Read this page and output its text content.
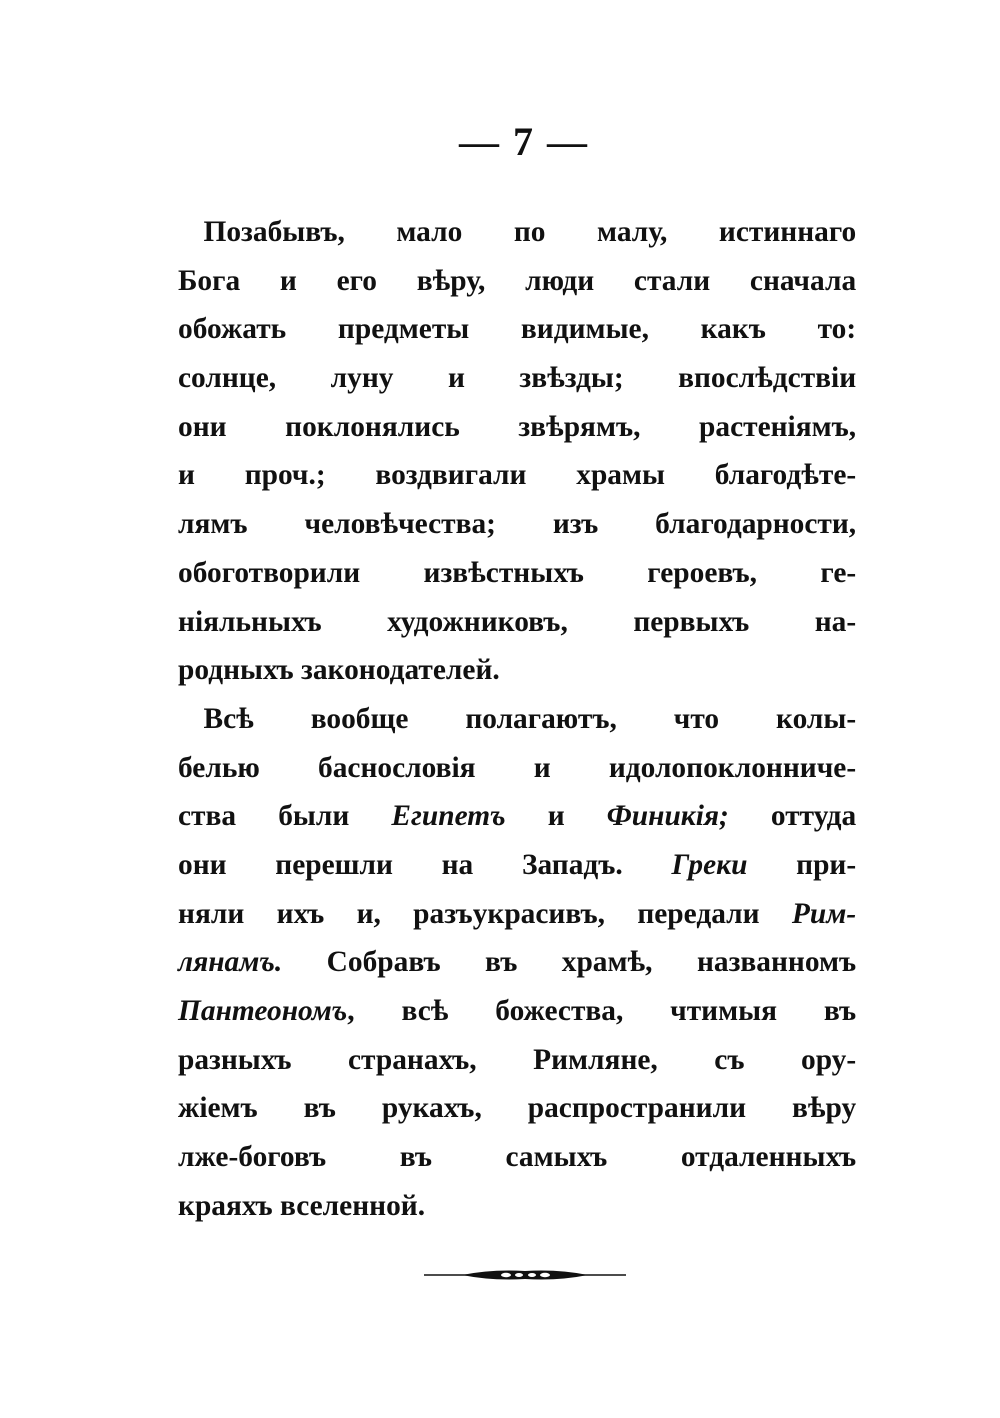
— 7 —
Позабывъ, мало по малу, истиннаго
Бога и его вѣру, люди стали сначала
обожать предметы видимые, какъ то:
солнце, луну и звѣзды; впослѣдствіи
они поклонялись звѣрямъ, растеніямъ,
и проч.; воздвигали храмы благодѣте-
лямъ человѣчества; изъ благодарности,
обоготворили извѣстныхъ героевъ, ге-
ніяльныхъ художниковъ, первыхъ на-
родныхъ законодателей.
Всѣ вообще полагаютъ, что колы-
белью баснословія и идолопоклонниче-
ства были Египетъ и Финикія; оттуда
они перешли на Западъ. Греки при-
няли ихъ и, разъукрасивъ, передали Рим-
лянамъ. Собравъ въ храмѣ, названномъ
Пантеономъ, всѣ божества, чтимыя въ
разныхъ странахъ, Римляне, съ ору-
жіемъ въ рукахъ, распространили вѣру
лже-боговъ въ самыхъ отдаленныхъ
краяхъ вселенной.
